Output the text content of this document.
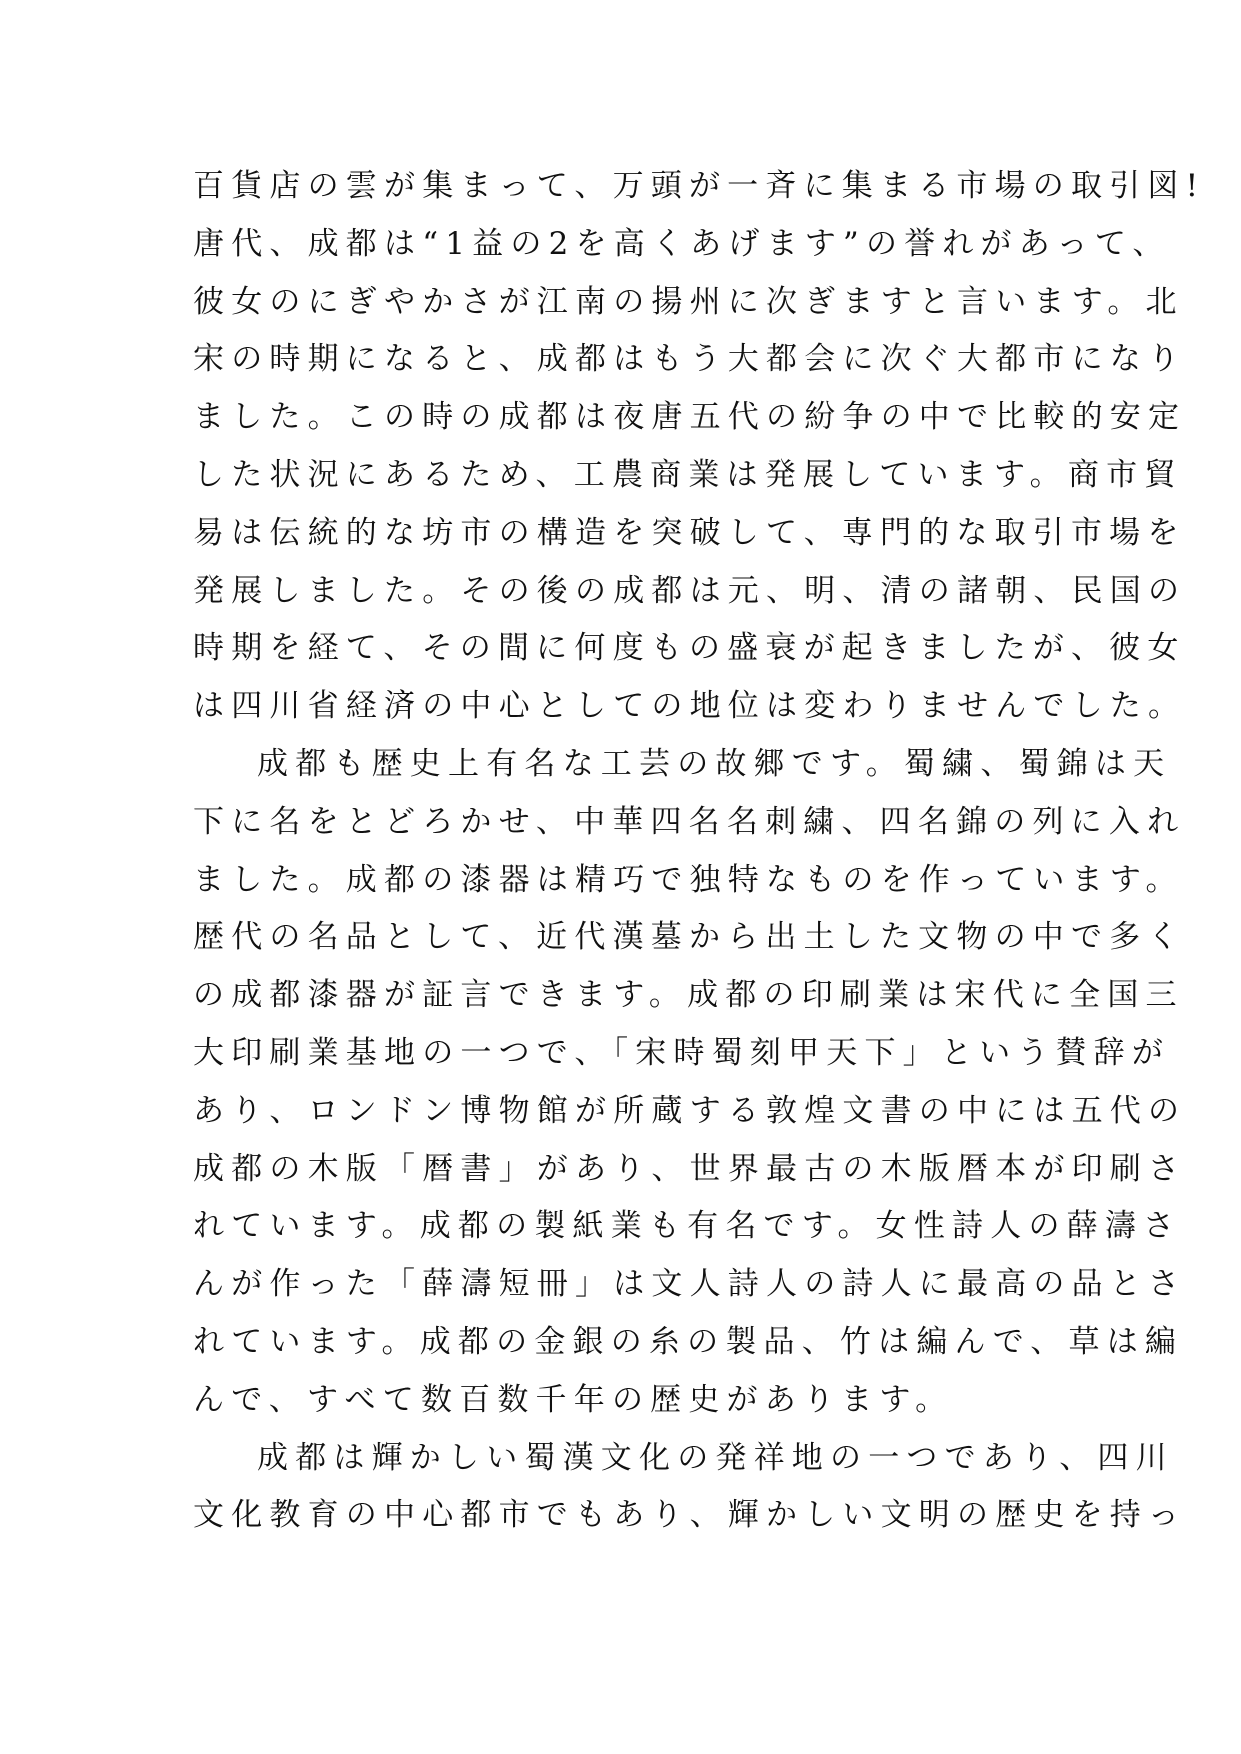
百貨店の雲が集まって、万頭が一斉に集まる市場の取引図!
唐代、成都は“1益の2を高くあげます”の誉れがあって、
彼女のにぎやかさが江南の揚州に次ぎますと言います。北
宋の時期になると、成都はもう大都会に次ぐ大都市になり
ました。この時の成都は夜唐五代の紛争の中で比較的安定
した状況にあるため、工農商業は発展しています。商市貿
易は伝統的な坊市の構造を突破して、専門的な取引市場を
発展しました。その後の成都は元、明、清の諸朝、民国の
時期を経て、その間に何度もの盛衰が起きましたが、彼女
は四川省経済の中心としての地位は変わりませんでした。
成都も歴史上有名な工芸の故郷です。蜀繍、蜀錦は天
下に名をとどろかせ、中華四名名刺繍、四名錦の列に入れ
ました。成都の漆器は精巧で独特なものを作っています。
歴代の名品として、近代漢墓から出土した文物の中で多く
の成都漆器が証言できます。成都の印刷業は宋代に全国三
大印刷業基地の一つで、「宋時蜀刻甲天下」という賛辞が
あり、ロンドン博物館が所蔵する敦煌文書の中には五代の
成都の木版「暦書」があり、世界最古の木版暦本が印刷さ
れています。成都の製紙業も有名です。女性詩人の薛濤さ
んが作った「薛濤短冊」は文人詩人の詩人に最高の品とさ
れています。成都の金銀の糸の製品、竹は編んで、草は編
んで、すべて数百数千年の歴史があります。
成都は輝かしい蜀漢文化の発祥地の一つであり、四川
文化教育の中心都市でもあり、輝かしい文明の歴史を持っ
